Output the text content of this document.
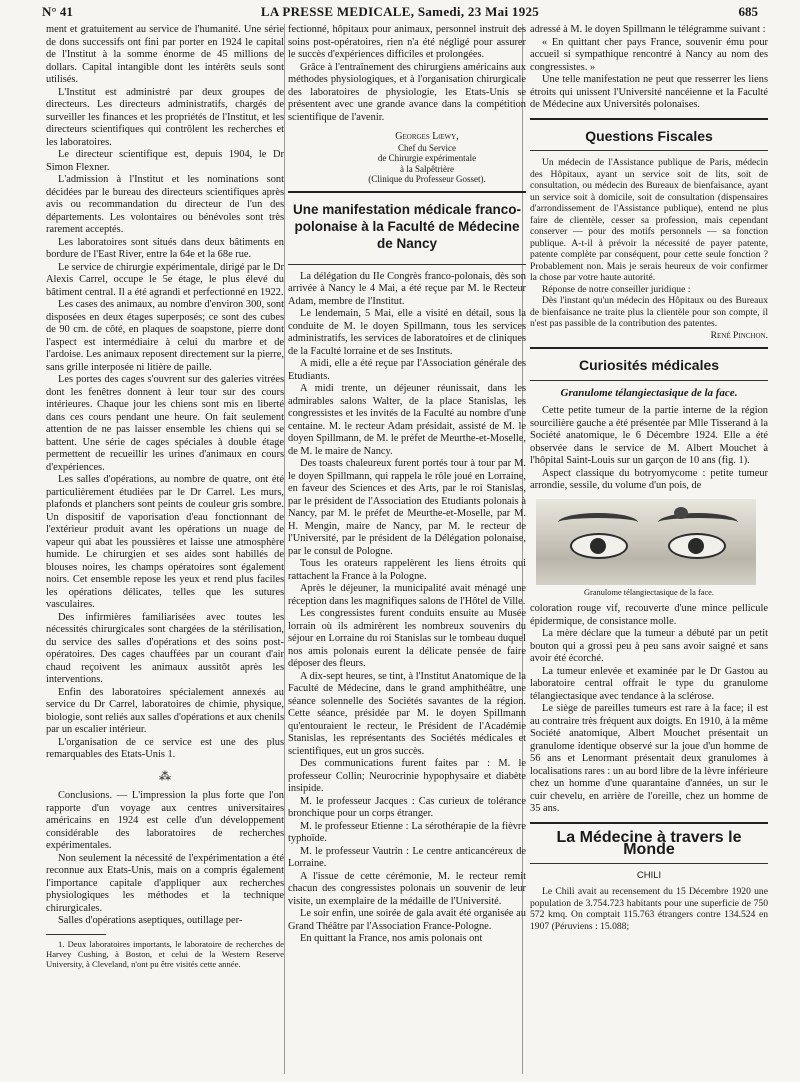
N° 41	LA PRESSE MEDICALE, Samedi, 23 Mai 1925	685

ment et gratuitement au service de l'humanité. Une série de dons successifs ont fini par porter en 1924 le capital de l'Institut à la somme énorme de 45 millions de dollars. Capital intangible dont les intérêts seuls sont utilisés.

L'Institut est administré par deux groupes de directeurs. Les directeurs administratifs, chargés de surveiller les finances et les propriétés de l'Institut, et les directeurs scientifiques qui contrôlent les recherches et les laboratoires.

Le directeur scientifique est, depuis 1904, le Dr Simon Flexner.

L'admission à l'Institut et les nominations sont décidées par le bureau des directeurs scientifiques après avis ou recommandation du directeur de l'un des départements. Les volontaires ou bénévoles sont très rarement acceptés.

Les laboratoires sont situés dans deux bâtiments en bordure de l'East River, entre la 64e et la 68e rue.

Le service de chirurgie expérimentale, dirigé par le Dr Alexis Carrel, occupe le 5e étage, le plus élevé du bâtiment central. Il a été agrandi et perfectionné en 1922.

Les cases des animaux, au nombre d'environ 300, sont disposées en deux étages superposés; ce sont des cubes de 90 cm. de côté, en plaques de soapstone, pierre dont l'aspect est intermédiaire à celui du marbre et de l'ardoise. Les animaux reposent directement sur la pierre, sans grille interposée ni litière de paille.

Les portes des cages s'ouvrent sur des galeries vitrées dont les fenêtres donnent à leur tour sur des cours intérieures. Chaque jour les chiens sont mis en liberté dans ces cours pendant une heure. On fait seulement attention de ne pas laisser ensemble les chiens qui se battent. Une série de cages spéciales à double étage permettent de recueillir les urines d'animaux en cours d'expériences.

Les salles d'opérations, au nombre de quatre, ont été particulièrement étudiées par le Dr Carrel. Les murs, plafonds et planchers sont peints de couleur gris sombre. Un dispositif de vaporisation d'eau fonctionnant de l'extérieur produit avant les opérations un nuage de vapeur qui abat les poussières et laisse une atmosphère humide. Le chirurgien et ses aides sont habillés de blouses noires, les champs opératoires sont également noirs. Cet ensemble repose les yeux et rend plus faciles les opérations délicates, telles que les sutures vasculaires.

Des infirmières familiarisées avec toutes les nécessités chirurgicales sont chargées de la stérilisation, du service des salles d'opérations et des soins post-opératoires. Des cages chauffées par un courant d'air chaud reçoivent les animaux aussitôt après les interventions.

Enfin des laboratoires spécialement annexés au service du Dr Carrel, laboratoires de chimie, physique, biologie, sont reliés aux salles d'opérations et aux chenils par un escalier intérieur.

L'organisation de ce service est une des plus remarquables des Etats-Unis 1.

⁂

Conclusions. — L'impression la plus forte que l'on rapporte d'un voyage aux centres universitaires américains en 1924 est celle d'un développement considérable des laboratoires de recherches expérimentales.

Non seulement la nécessité de l'expérimentation a été reconnue aux Etats-Unis, mais on a compris également l'importance capitale d'appliquer aux recherches physiologiques les méthodes et la technique chirurgicales.

Salles d'opérations aseptiques, outillage per-

1. Deux laboratoires importants, le laboratoire de recherches de Harvey Cushing, à Boston, et celui de la Western Reserve University, à Cleveland, n'ont pu être visités cette année.

fectionné, hôpitaux pour animaux, personnel instruit des soins post-opératoires, rien n'a été négligé pour assurer le succès d'expériences difficiles et prolongées.

Grâce à l'entraînement des chirurgiens américains aux méthodes physiologiques, et à l'organisation chirurgicale des laboratoires de physiologie, les Etats-Unis se présentent avec une grande avance dans la compétition scientifique de l'avenir.

Georges Lœwy,
Chef du Service
de Chirurgie expérimentale
à la Salpêtrière
(Clinique du Professeur Gosset).
Une manifestation médicale franco-polonaise à la Faculté de Médecine de Nancy

La délégation du IIe Congrès franco-polonais, dès son arrivée à Nancy le 4 Mai, a été reçue par M. le Recteur Adam, membre de l'Institut.

Le lendemain, 5 Mai, elle a visité en détail, sous la conduite de M. le doyen Spillmann, tous les services administratifs, les services de laboratoires et de cliniques de la Faculté lorraine et de ses Instituts.

A midi, elle a été reçue par l'Association générale des Etudiants.

A midi trente, un déjeuner réunissait, dans les admirables salons Walter, de la place Stanislas, les congressistes et les invités de la Faculté au nombre d'une centaine. M. le recteur Adam présidait, assisté de M. le doyen Spillmann, de M. le préfet de Meurthe-et-Moselle, de M. le maire de Nancy.

Des toasts chaleureux furent portés tour à tour par M. le doyen Spillmann, qui rappela le rôle joué en Lorraine, en faveur des Sciences et des Arts, par le roi Stanislas, par le président de l'Association des Etudiants polonais à Nancy, par M. le préfet de Meurthe-et-Moselle, par M. H. Mengin, maire de Nancy, par M. le recteur de l'Université, par le président de la Délégation polonaise, par le consul de Pologne.

Tous les orateurs rappelèrent les liens étroits qui rattachent la France à la Pologne.

Après le déjeuner, la municipalité avait ménagé une réception dans les magnifiques salons de l'Hôtel de Ville.

Les congressistes furent conduits ensuite au Musée lorrain où ils admirèrent les nombreux souvenirs du séjour en Lorraine du roi Stanislas sur le tombeau duquel nos amis polonais eurent la délicate pensée de faire déposer des fleurs.

A dix-sept heures, se tint, à l'Institut Anatomique de la Faculté de Médecine, dans le grand amphithéâtre, une séance solennelle des Sociétés savantes de la région. Cette séance, présidée par M. le doyen Spillmann qu'entouraient le recteur, le Président de l'Académie Stanislas, les représentants des Sociétés médicales et scientifiques, eut un gros succès.

Des communications furent faites par : M. le professeur Collin; Neurocrinie hypophysaire et diabète insipide.

M. le professeur Jacques : Cas curieux de tolérance bronchique pour un corps étranger.

M. le professeur Etienne : La sérothérapie de la fièvre typhoïde.

M. le professeur Vautrin : Le centre anticancéreux de Lorraine.

A l'issue de cette cérémonie, M. le recteur remit chacun des congressistes polonais un souvenir de leur visite, un exemplaire de la médaille de l'Université.

Le soir enfin, une soirée de gala avait été organisée au Grand Théâtre par l'Association France-Pologne.

En quittant la France, nos amis polonais ont

adressé à M. le doyen Spillmann le télégramme suivant :

« En quittant cher pays France, souvenir ému pour accueil si sympathique rencontré à Nancy au nom des congressistes. »

Une telle manifestation ne peut que resserrer les liens étroits qui unissent l'Université nancéienne et la Faculté de Médecine aux Universités polonaises.

Questions Fiscales

Un médecin de l'Assistance publique de Paris, médecin des Hôpitaux, ayant un service soit de lits, soit de consultation, ou médecin des Bureaux de bienfaisance, ayant un service soit à domicile, soit de consultation (dispensaires d'arrondissement de l'Assistance publique), entend ne plus faire de clientèle, cesser sa profession, mais cependant conserver — pour des motifs personnels — sa fonction publique. A-t-il à prévoir la nécessité de payer patente, patente complète par conséquent, pour cette seule fonction ? Probablement non. Mais je serais heureux de voir confirmer la chose par votre haute autorité.

Réponse de notre conseiller juridique :

Dès l'instant qu'un médecin des Hôpitaux ou des Bureaux de bienfaisance ne traite plus la clientèle pour son compte, il n'est pas passible de la contribution des patentes.

René Pinchon.

Curiosités médicales
Granulome télangiectasique de la face.

Cette petite tumeur de la partie interne de la région sourcilière gauche a été présentée par Mlle Tisserand à la Société anatomique, le 6 Décembre 1924. Elle a été observée dans le service de M. Albert Mouchet à l'hôpital Saint-Louis sur un garçon de 10 ans (fig. 1).

Aspect classique du botryomycome : petite tumeur arrondie, sessile, du volume d'un pois, de

Granulome télangiectasique de la face.

coloration rouge vif, recouverte d'une mince pellicule épidermique, de consistance molle.

La mère déclare que la tumeur a débuté par un petit bouton qui a grossi peu à peu sans avoir saigné et sans avoir été écorché.

La tumeur enlevée et examinée par le Dr Gastou au laboratoire central offrait le type du granulome télangiectasique avec tendance à la sclérose.

Le siège de pareilles tumeurs est rare à la face; il est au contraire très fréquent aux doigts. En 1910, à la même Société anatomique, Albert Mouchet présentait un granulome identique observé sur la joue d'un homme de 56 ans et Lenormant présentait deux granulomes à localisations rares : un au bord libre de la lèvre inférieure chez un homme d'une quarantaine d'années, un sur le cuir chevelu, en arrière de l'oreille, chez un homme de 35 ans.

La Médecine à travers le Monde
CHILI

Le Chili avait au recensement du 15 Décembre 1920 une population de 3.754.723 habitants pour une superficie de 750 572 kmq. On comptait 115.763 étrangers contre 134.524 en 1907 (Péruviens : 15.088;
